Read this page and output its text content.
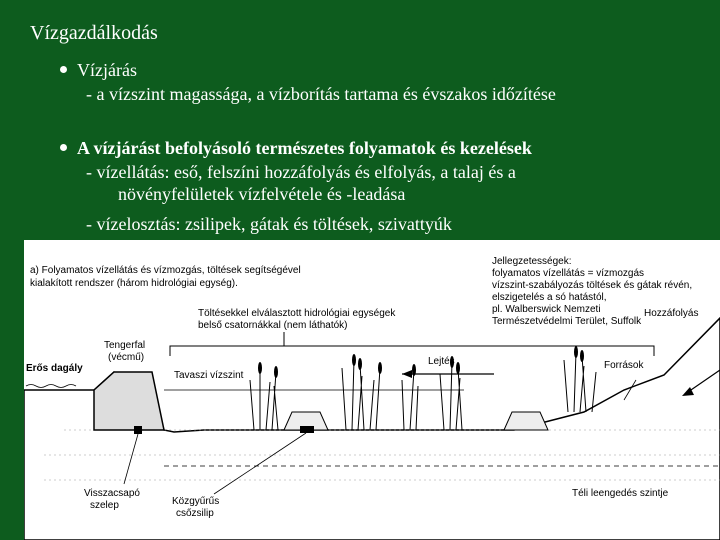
Vízgazdálkodás
Vízjárás
- a vízszint magassága, a vízborítás tartama és évszakos időzítése
A vízjárást befolyásoló természetes folyamatok és kezelések
- vízellátás: eső, felszíni hozzáfolyás és elfolyás, a talaj és a
növényfelületek vízfelvétele és -leadása
- vízelosztás: zsilipek, gátak és töltések, szivattyúk
a) Folyamatos vízellátás és vízmozgás, töltések segítségével
kialakított rendszer (három hidrológiai egység).
Jellegzetességek:
folyamatos vízellátás = vízmozgás
vízszint-szabályozás töltések és gátak révén,
elszigetelés a só hatástól,
pl. Walberswick Nemzeti
Természetvédelmi Terület, Suffolk
Töltésekkel elválasztott hidrológiai egységek
belső csatornákkal (nem láthatók)
Erős dagály
Tengerfal
(vécmű)
Tavaszi vízszint
Lejtés
Hozzáfolyás
Források
Visszacsapó
szelep	Közgyűrűs
csőzsilip
Téli leengedés szintje
